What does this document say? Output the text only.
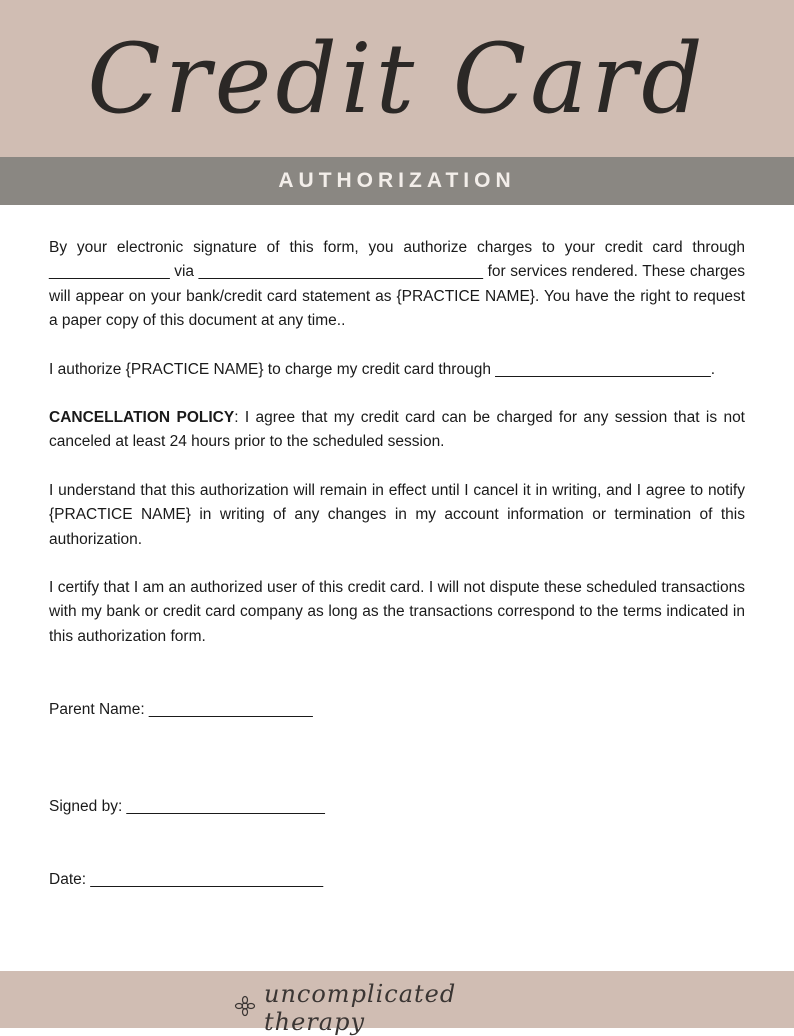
Credit Card
AUTHORIZATION

By your electronic signature of this form, you authorize charges to your credit card through ______________ via _________________________________ for services rendered. These charges will appear on your bank/credit card statement as {PRACTICE NAME}. You have the right to request a paper copy of this document at any time..

I authorize {PRACTICE NAME} to charge my credit card through _________________________.

CANCELLATION POLICY: I agree that my credit card can be charged for any session that is not canceled at least 24 hours prior to the scheduled session.

I understand that this authorization will remain in effect until I cancel it in writing, and I agree to notify {PRACTICE NAME} in writing of any changes in my account information or termination of this authorization.

I certify that I am an authorized user of this credit card. I will not dispute these scheduled transactions with my bank or credit card company as long as the transactions correspond to the terms indicated in this authorization form.

Parent Name: ___________________
Signed by: _______________________
Date: ___________________________
uncomplicated therapy
